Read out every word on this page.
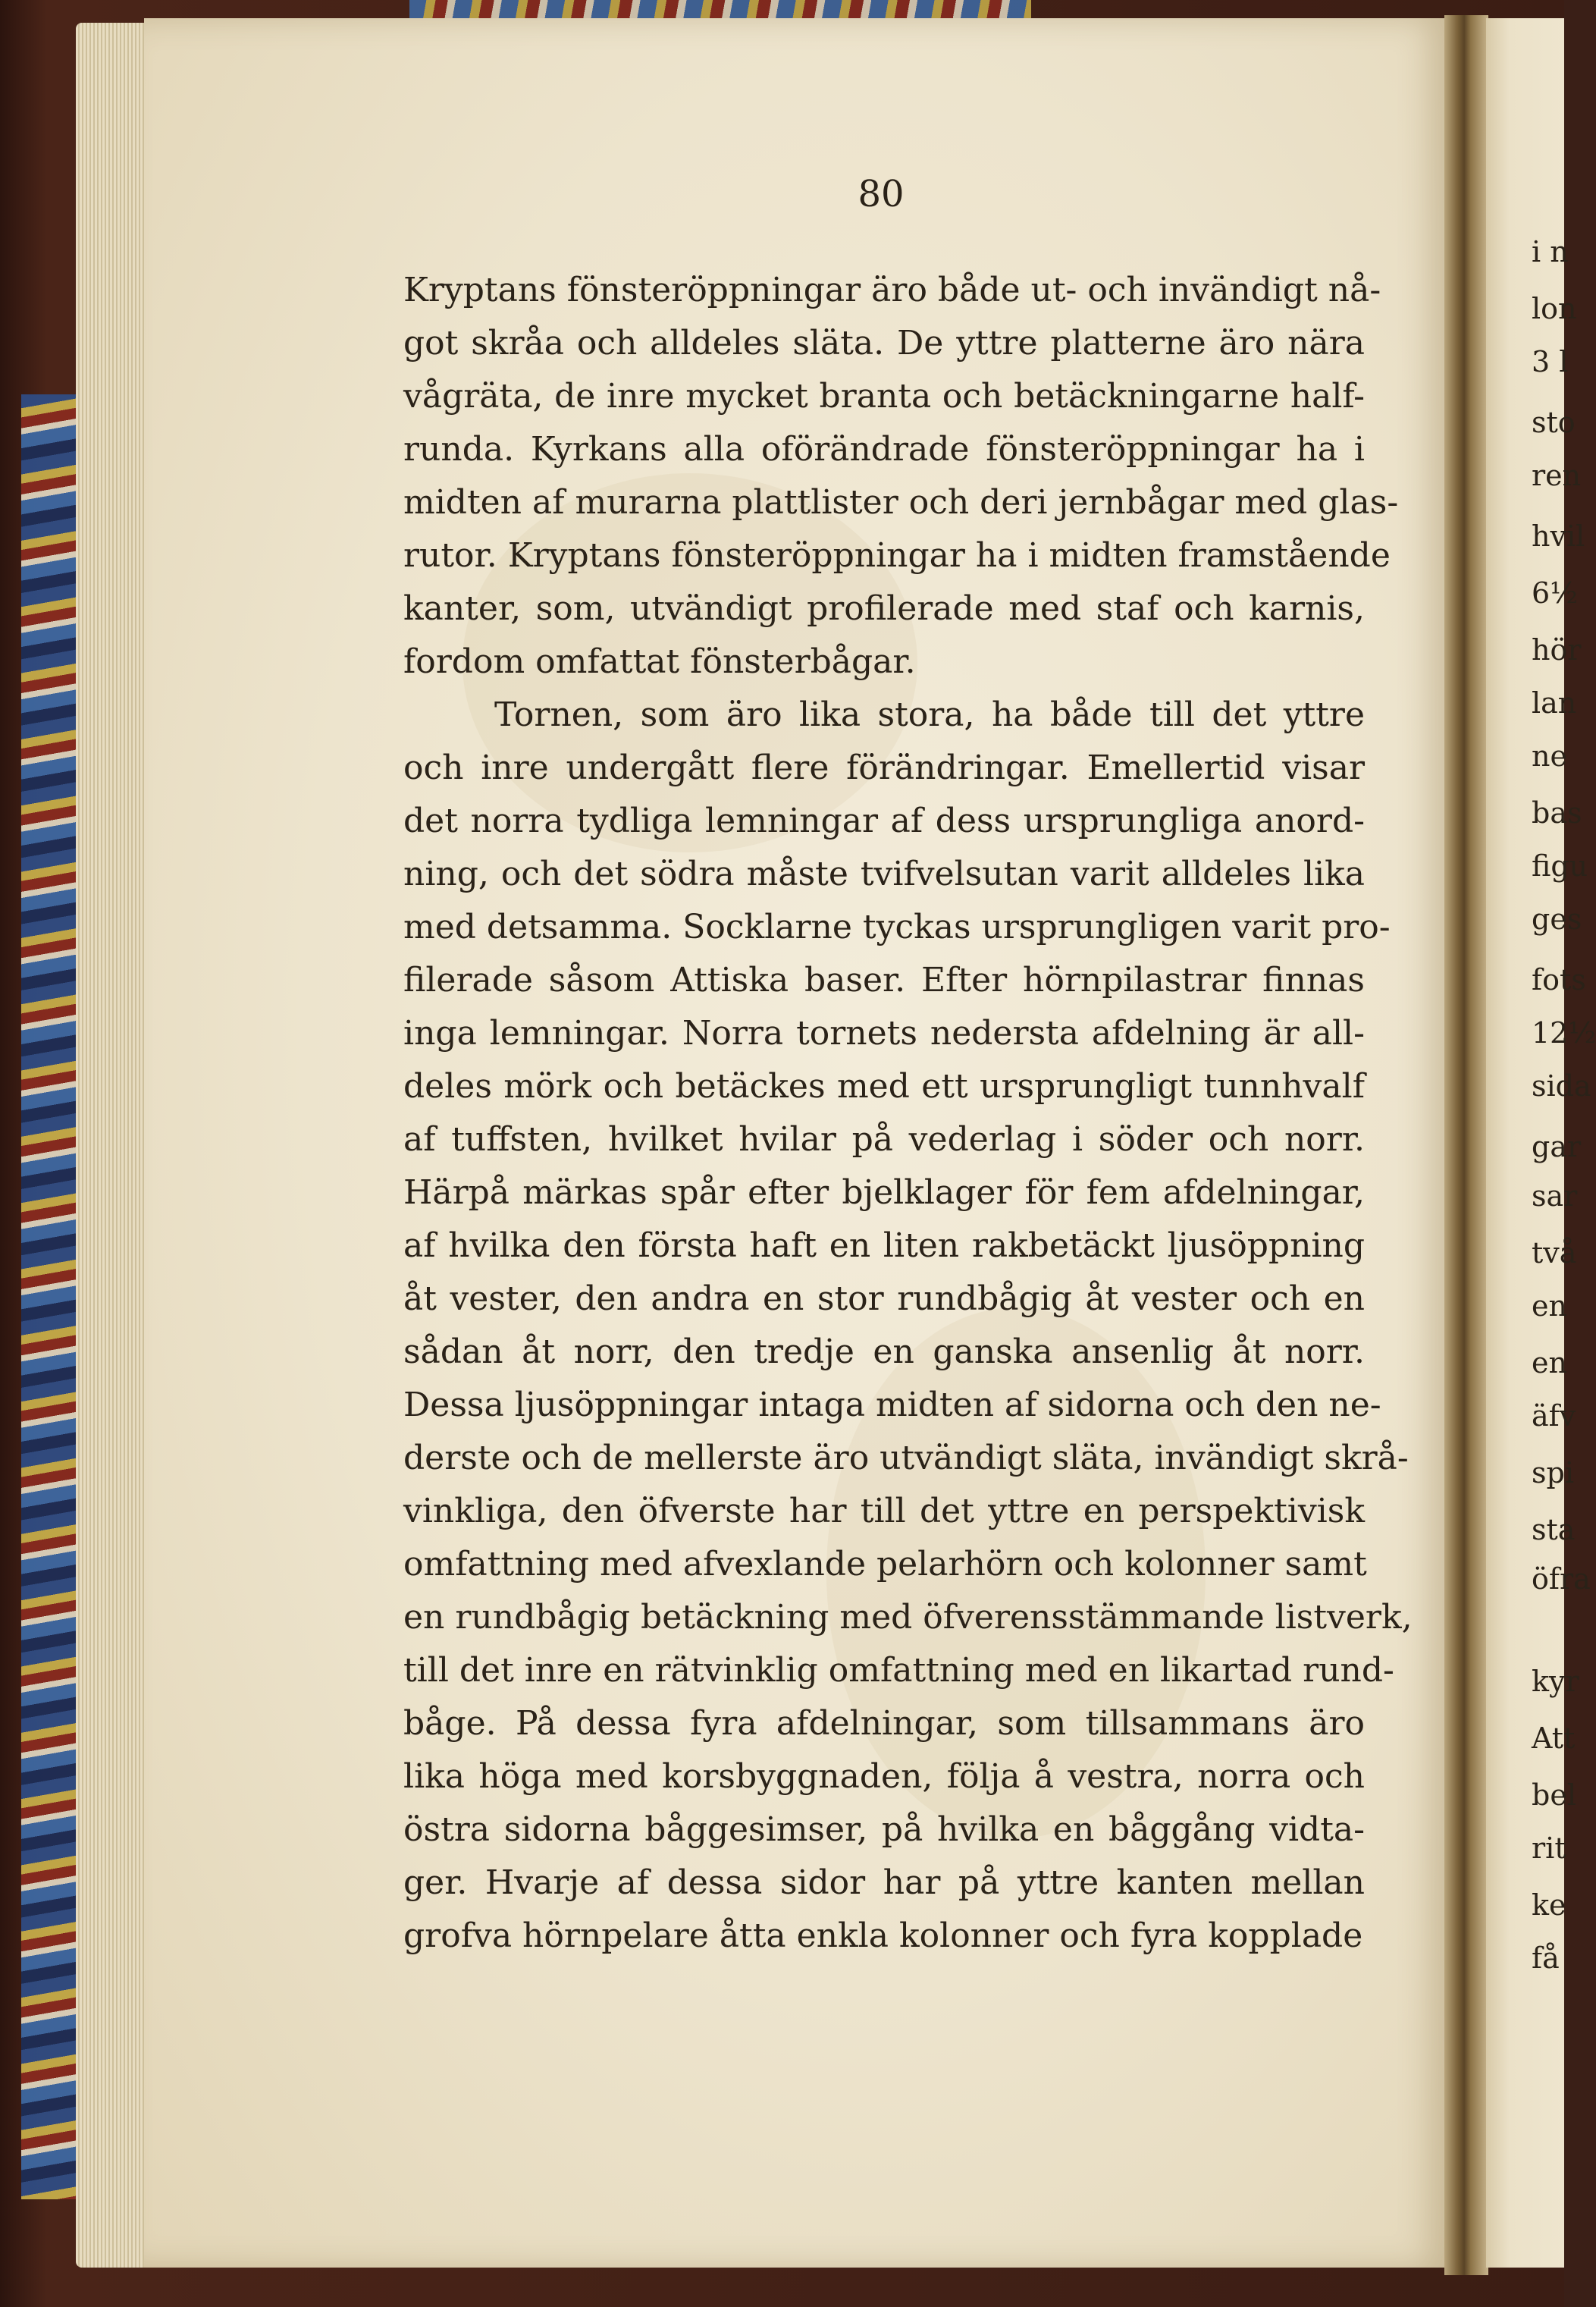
i n
lon
3 l
sto
ren
hvil
6½
hör
lan
ne
bas
figu
ges
fots
12½
sida
gar
sar
två
en
en
äfv
spi
sta
öfra
kyr
Att
bel
rit
ke
få
80
Kryptans fönsteröppningar äro både ut- och invändigt nå-
got skråa och alldeles släta. De yttre platterne äro nära
vågräta, de inre mycket branta och betäckningarne half-
runda. Kyrkans alla oförändrade fönsteröppningar ha i
midten af murarna plattlister och deri jernbågar med glas-
rutor. Kryptans fönsteröppningar ha i midten framstående
kanter, som, utvändigt profilerade med staf och karnis,
fordom omfattat fönsterbågar.
Tornen, som äro lika stora, ha både till det yttre
och inre undergått flere förändringar. Emellertid visar
det norra tydliga lemningar af dess ursprungliga anord-
ning, och det södra måste tvifvelsutan varit alldeles lika
med detsamma. Socklarne tyckas ursprungligen varit pro-
filerade såsom Attiska baser. Efter hörnpilastrar finnas
inga lemningar. Norra tornets nedersta afdelning är all-
deles mörk och betäckes med ett ursprungligt tunnhvalf
af tuffsten, hvilket hvilar på vederlag i söder och norr.
Härpå märkas spår efter bjelklager för fem afdelningar,
af hvilka den första haft en liten rakbetäckt ljusöppning
åt vester, den andra en stor rundbågig åt vester och en
sådan åt norr, den tredje en ganska ansenlig åt norr.
Dessa ljusöppningar intaga midten af sidorna och den ne-
derste och de mellerste äro utvändigt släta, invändigt skrå-
vinkliga, den öfverste har till det yttre en perspektivisk
omfattning med afvexlande pelarhörn och kolonner samt
en rundbågig betäckning med öfverensstämmande listverk,
till det inre en rätvinklig omfattning med en likartad rund-
båge. På dessa fyra afdelningar, som tillsammans äro
lika höga med korsbyggnaden, följa å vestra, norra och
östra sidorna båggesimser, på hvilka en båggång vidta-
ger. Hvarje af dessa sidor har på yttre kanten mellan
grofva hörnpelare åtta enkla kolonner och fyra kopplade
